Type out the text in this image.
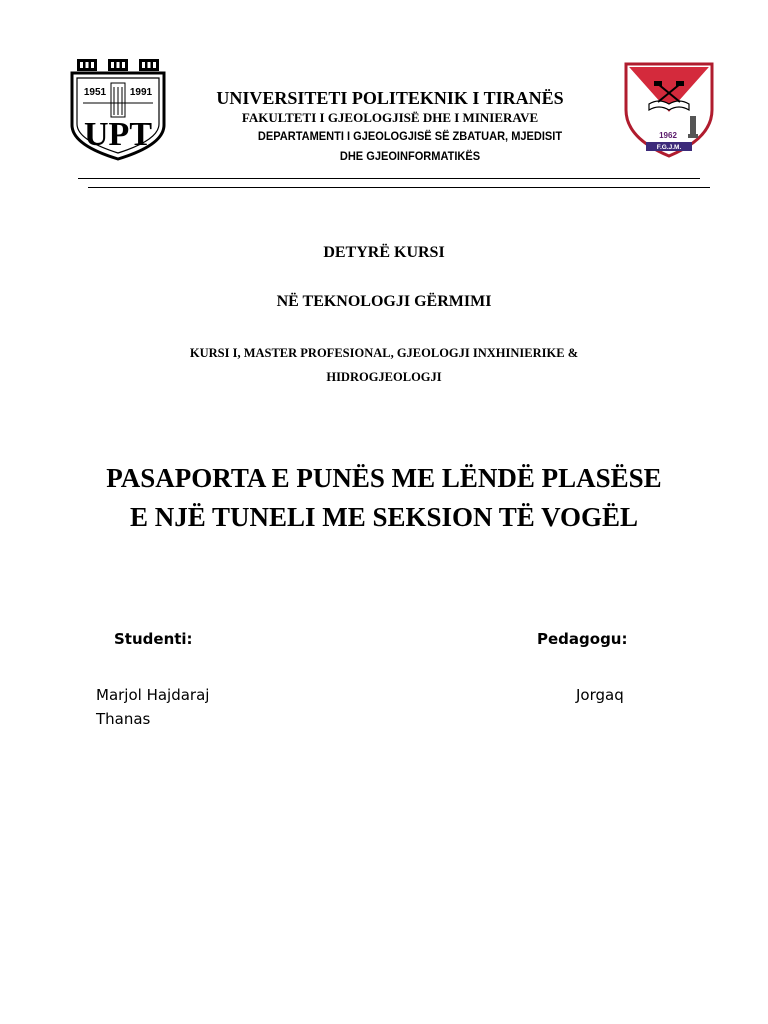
1951 1991
UPT
UNIVERSITETI POLITEKNIK I TIRANËS
FAKULTETI I GJEOLOGJISË DHE I MINIERAVE
DEPARTAMENTI I GJEOLOGJISË SË ZBATUAR, MJEDISIT
DHE GJEOINFORMATIKËS
1962
F.G.J.M.
DETYRË KURSI
NË TEKNOLOGJI GËRMIMI
KURSI I, MASTER PROFESIONAL, GJEOLOGJI INXHINIERIKE &
HIDROGJEOLOGJI
PASAPORTA E PUNËS ME LËNDË PLASËSE
E NJË TUNELI ME SEKSION TË VOGËL
Studenti:	Pedagogu:
Marjol Hajdaraj	Jorgaq
Thanas
